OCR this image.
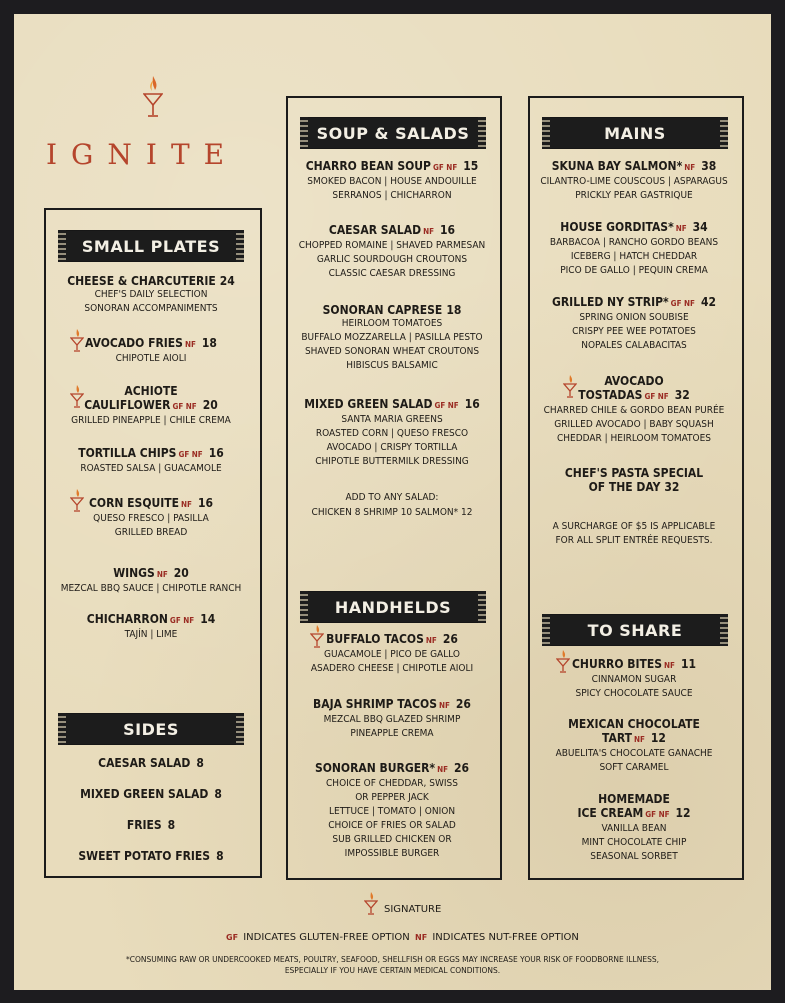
IGNITE
SMALL PLATES
SIDES
SOUP & SALADS
HANDHELDS
MAINS
TO SHARE
CHEESE & CHARCUTERIE 24
CHEF'S DAILY SELECTION
SONORAN ACCOMPANIMENTS
AVOCADO FRIES NF 18
CHIPOTLE AIOLI
ACHIOTE
CAULIFLOWER GF NF 20
GRILLED PINEAPPLE | CHILE CREMA
TORTILLA CHIPS GF NF 16
ROASTED SALSA | GUACAMOLE
CORN ESQUITE NF 16
QUESO FRESCO | PASILLA
GRILLED BREAD
WINGS NF 20
MEZCAL BBQ SAUCE | CHIPOTLE RANCH
CHICHARRON GF NF 14
TAJÍN | LIME
CHARRO BEAN SOUP GF NF 15
SMOKED BACON | HOUSE ANDOUILLE
SERRANOS | CHICHARRON
CAESAR SALAD NF 16
CHOPPED ROMAINE | SHAVED PARMESAN
GARLIC SOURDOUGH CROUTONS
CLASSIC CAESAR DRESSING
SONORAN CAPRESE 18
HEIRLOOM TOMATOES
BUFFALO MOZZARELLA | PASILLA PESTO
SHAVED SONORAN WHEAT CROUTONS
HIBISCUS BALSAMIC
MIXED GREEN SALAD GF NF 16
SANTA MARIA GREENS
ROASTED CORN | QUESO FRESCO
AVOCADO | CRISPY TORTILLA
CHIPOTLE BUTTERMILK DRESSING
BUFFALO TACOS NF 26
GUACAMOLE | PICO DE GALLO
ASADERO CHEESE | CHIPOTLE AIOLI
BAJA SHRIMP TACOS NF 26
MEZCAL BBQ GLAZED SHRIMP
PINEAPPLE CREMA
SONORAN BURGER* NF 26
CHOICE OF CHEDDAR, SWISS
OR PEPPER JACK
LETTUCE | TOMATO | ONION
CHOICE OF FRIES OR SALAD
SUB GRILLED CHICKEN OR
IMPOSSIBLE BURGER
SKUNA BAY SALMON* NF 38
CILANTRO-LIME COUSCOUS | ASPARAGUS
PRICKLY PEAR GASTRIQUE
HOUSE GORDITAS* NF 34
BARBACOA | RANCHO GORDO BEANS
ICEBERG | HATCH CHEDDAR
PICO DE GALLO | PEQUIN CREMA
GRILLED NY STRIP* GF NF 42
SPRING ONION SOUBISE
CRISPY PEE WEE POTATOES
NOPALES CALABACITAS
AVOCADO
TOSTADAS GF NF 32
CHARRED CHILE & GORDO BEAN PURÉE
GRILLED AVOCADO | BABY SQUASH
CHEDDAR | HEIRLOOM TOMATOES
CHEF'S PASTA SPECIAL
OF THE DAY 32
CHURRO BITES NF 11
CINNAMON SUGAR
SPICY CHOCOLATE SAUCE
MEXICAN CHOCOLATE
TART NF 12
ABUELITA'S CHOCOLATE GANACHE
SOFT CARAMEL
HOMEMADE
ICE CREAM GF NF 12
VANILLA BEAN
MINT CHOCOLATE CHIP
SEASONAL SORBET
CAESAR SALAD 8
MIXED GREEN SALAD 8
FRIES 8
SWEET POTATO FRIES 8
ADD TO ANY SALAD:
CHICKEN 8 SHRIMP 10 SALMON* 12
A SURCHARGE OF $5 IS APPLICABLE
FOR ALL SPLIT ENTRÉE REQUESTS.
SIGNATURE
GF INDICATES GLUTEN-FREE OPTION NF INDICATES NUT-FREE OPTION
*CONSUMING RAW OR UNDERCOOKED MEATS, POULTRY, SEAFOOD, SHELLFISH OR EGGS MAY INCREASE YOUR RISK OF FOODBORNE ILLNESS,
ESPECIALLY IF YOU HAVE CERTAIN MEDICAL CONDITIONS.
